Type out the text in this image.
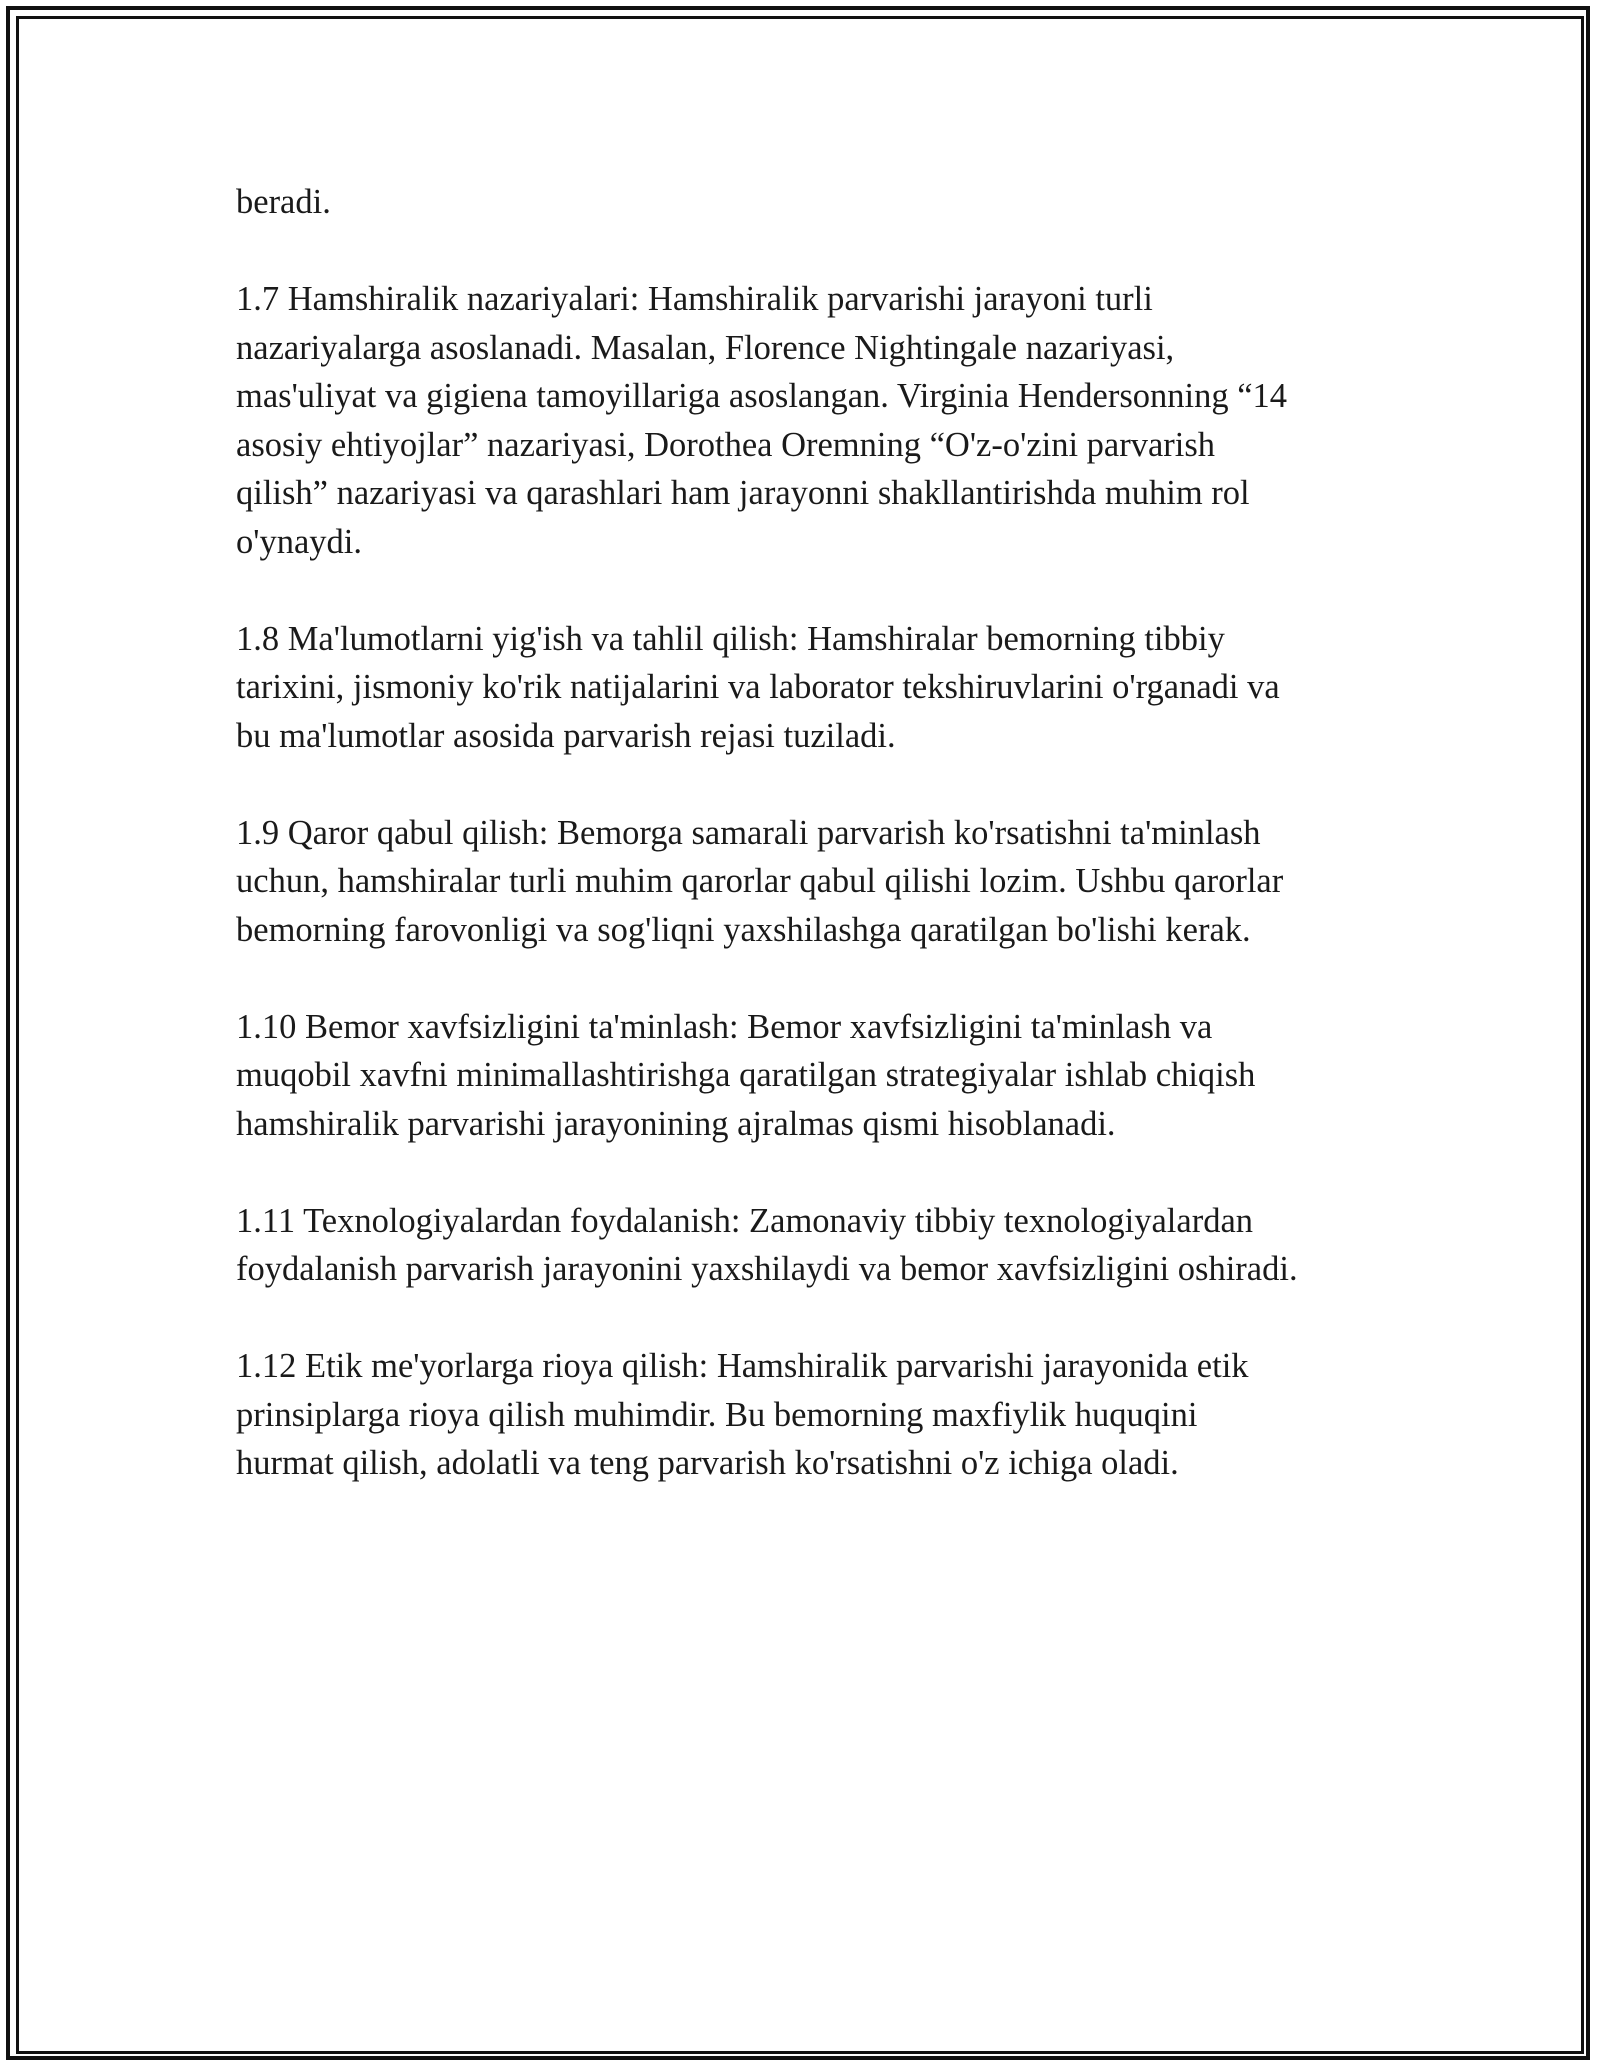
beradi.

1.7 Hamshiralik nazariyalari: Hamshiralik parvarishi jarayoni turli
nazariyalarga asoslanadi. Masalan, Florence Nightingale nazariyasi,
mas'uliyat va gigiena tamoyillariga asoslangan. Virginia Hendersonning “14
asosiy ehtiyojlar” nazariyasi, Dorothea Oremning “O'z-o'zini parvarish
qilish” nazariyasi va qarashlari ham jarayonni shakllantirishda muhim rol
o'ynaydi.

1.8 Ma'lumotlarni yig'ish va tahlil qilish: Hamshiralar bemorning tibbiy
tarixini, jismoniy ko'rik natijalarini va laborator tekshiruvlarini o'rganadi va
bu ma'lumotlar asosida parvarish rejasi tuziladi.

1.9 Qaror qabul qilish: Bemorga samarali parvarish ko'rsatishni ta'minlash
uchun, hamshiralar turli muhim qarorlar qabul qilishi lozim. Ushbu qarorlar
bemorning farovonligi va sog'liqni yaxshilashga qaratilgan bo'lishi kerak.

1.10 Bemor xavfsizligini ta'minlash: Bemor xavfsizligini ta'minlash va
muqobil xavfni minimallashtirishga qaratilgan strategiyalar ishlab chiqish
hamshiralik parvarishi jarayonining ajralmas qismi hisoblanadi.

1.11 Texnologiyalardan foydalanish: Zamonaviy tibbiy texnologiyalardan
foydalanish parvarish jarayonini yaxshilaydi va bemor xavfsizligini oshiradi.

1.12 Etik me'yorlarga rioya qilish: Hamshiralik parvarishi jarayonida etik
prinsiplarga rioya qilish muhimdir. Bu bemorning maxfiylik huquqini
hurmat qilish, adolatli va teng parvarish ko'rsatishni o'z ichiga oladi.
